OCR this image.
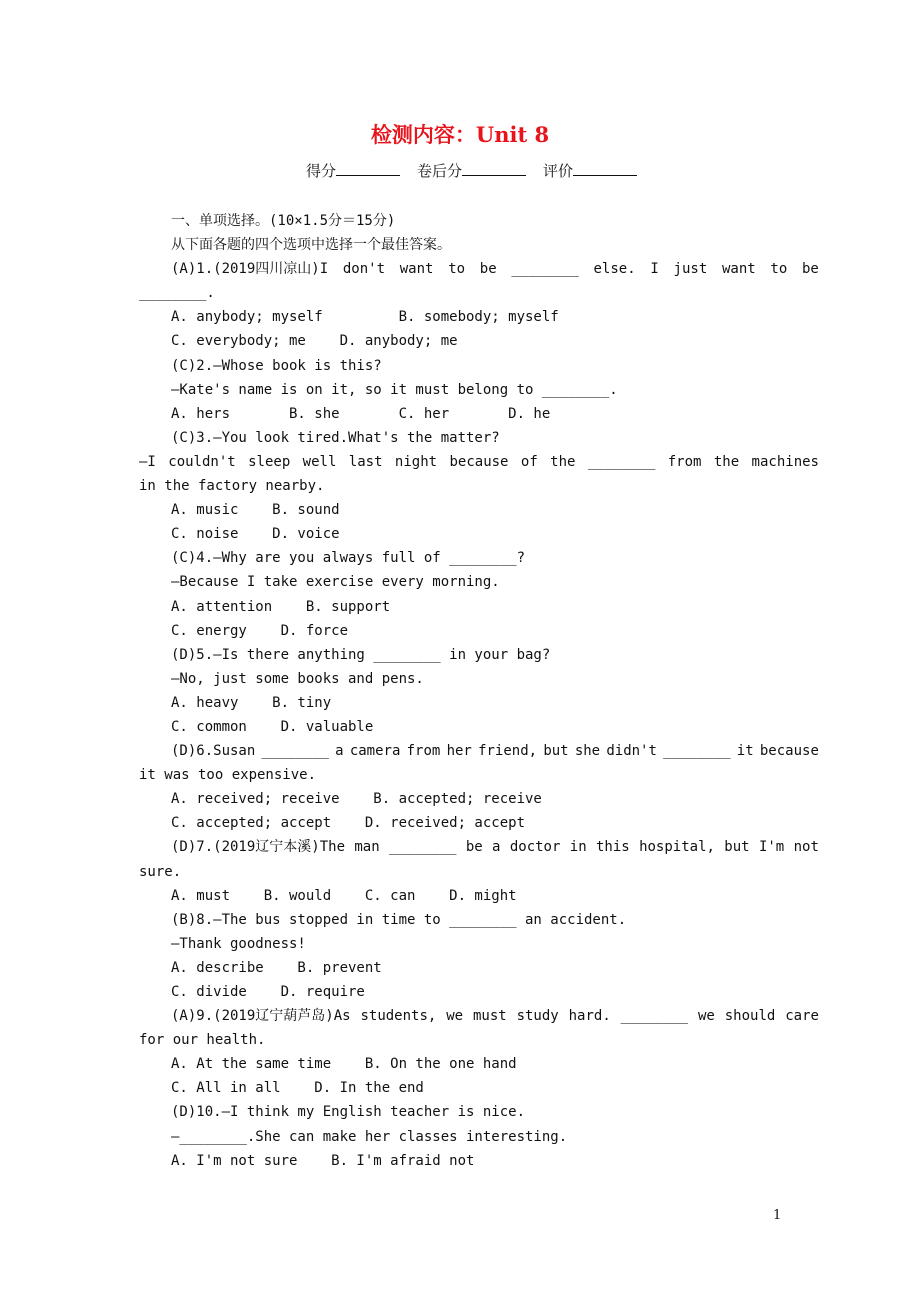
检测内容：Unit 8
得分	卷后分	评价
一、单项选择。(10×1.5分＝15分)
从下面各题的四个选项中选择一个最佳答案。
(A)1.(2019四川凉山)I don't want to be ________ else. I just want to be
________.
A. anybody; myself         B. somebody; myself
C. everybody; me    D. anybody; me
(C)2.—Whose book is this?
—Kate's name is on it, so it must belong to ________.
A. hers       B. she       C. her       D. he
(C)3.—You look tired.What's the matter?
—I couldn't sleep well last night because of the ________ from the machines
in the factory nearby.
A. music    B. sound
C. noise    D. voice
(C)4.—Why are you always full of ________?
—Because I take exercise every morning.
A. attention    B. support
C. energy    D. force
(D)5.—Is there anything ________ in your bag?
—No, just some books and pens.
A. heavy    B. tiny
C. common    D. valuable
(D)6.Susan ________ a camera from her friend, but she didn't ________ it because
it was too expensive.
A. received; receive    B. accepted; receive
C. accepted; accept    D. received; accept
(D)7.(2019辽宁本溪)The man ________ be a doctor in this hospital, but I'm not
sure.
A. must    B. would    C. can    D. might
(B)8.—The bus stopped in time to ________ an accident.
—Thank goodness!
A. describe    B. prevent
C. divide    D. require
(A)9.(2019辽宁葫芦岛)As students, we must study hard. ________ we should care
for our health.
A. At the same time    B. On the one hand
C. All in all    D. In the end
(D)10.—I think my English teacher is nice.
—________.She can make her classes interesting.
A. I'm not sure    B. I'm afraid not
1
